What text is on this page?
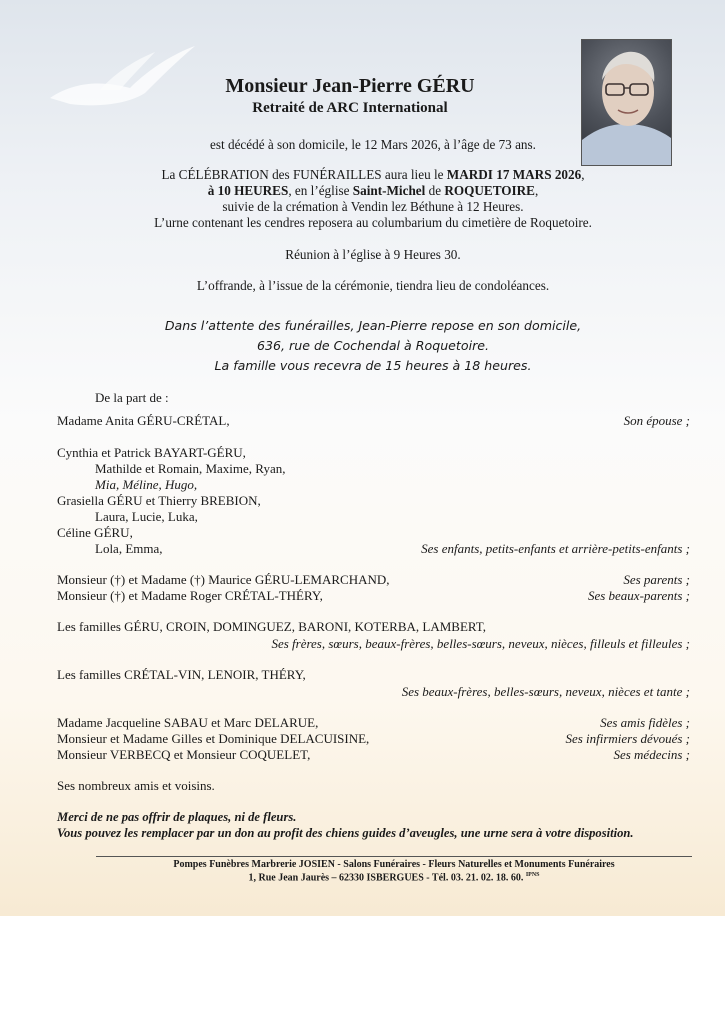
Monsieur Jean-Pierre GÉRU
Retraité de ARC International
est décédé à son domicile, le 12 Mars 2026, à l’âge de 73 ans.
La CÉLÉBRATION des FUNÉRAILLES aura lieu le MARDI 17 MARS 2026,
à 10 HEURES, en l’église Saint-Michel de ROQUETOIRE,
suivie de la crémation à Vendin lez Béthune à 12 Heures.
L’urne contenant les cendres reposera au columbarium du cimetière de Roquetoire.
Réunion à l’église à 9 Heures 30.
L’offrande, à l’issue de la cérémonie, tiendra lieu de condoléances.
Dans l’attente des funérailles, Jean-Pierre repose en son domicile,
636, rue de Cochendal à Roquetoire.
La famille vous recevra de 15 heures à 18 heures.
De la part de :
Madame Anita GÉRU-CRÉTAL,	Son épouse ;
Cynthia et Patrick BAYART-GÉRU,
Mathilde et Romain, Maxime, Ryan,
Mia, Méline, Hugo,
Grasiella GÉRU et Thierry BREBION,
Laura, Lucie, Luka,
Céline GÉRU,
Lola, Emma,	Ses enfants, petits-enfants et arrière-petits-enfants ;
Monsieur (†) et Madame (†) Maurice GÉRU-LEMARCHAND,	Ses parents ;
Monsieur (†) et Madame Roger CRÉTAL-THÉRY,	Ses beaux-parents ;
Les familles GÉRU, CROIN, DOMINGUEZ, BARONI, KOTERBA, LAMBERT,
Ses frères, sœurs, beaux-frères, belles-sœurs, neveux, nièces, filleuls et filleules ;
Les familles CRÉTAL-VIN, LENOIR, THÉRY,
Ses beaux-frères, belles-sœurs, neveux, nièces et tante ;
Madame Jacqueline SABAU et Marc DELARUE,	Ses amis fidèles ;
Monsieur et Madame Gilles et Dominique DELACUISINE,	Ses infirmiers dévoués ;
Monsieur VERBECQ et Monsieur COQUELET,	Ses médecins ;
Ses nombreux amis et voisins.
Merci de ne pas offrir de plaques, ni de fleurs.
Vous pouvez les remplacer par un don au profit des chiens guides d’aveugles, une urne sera à votre disposition.
Pompes Funèbres Marbrerie JOSIEN - Salons Funéraires - Fleurs Naturelles et Monuments Funéraires
1, Rue Jean Jaurès – 62330 ISBERGUES - Tél. 03. 21. 02. 18. 60. $^{IPNS}$
